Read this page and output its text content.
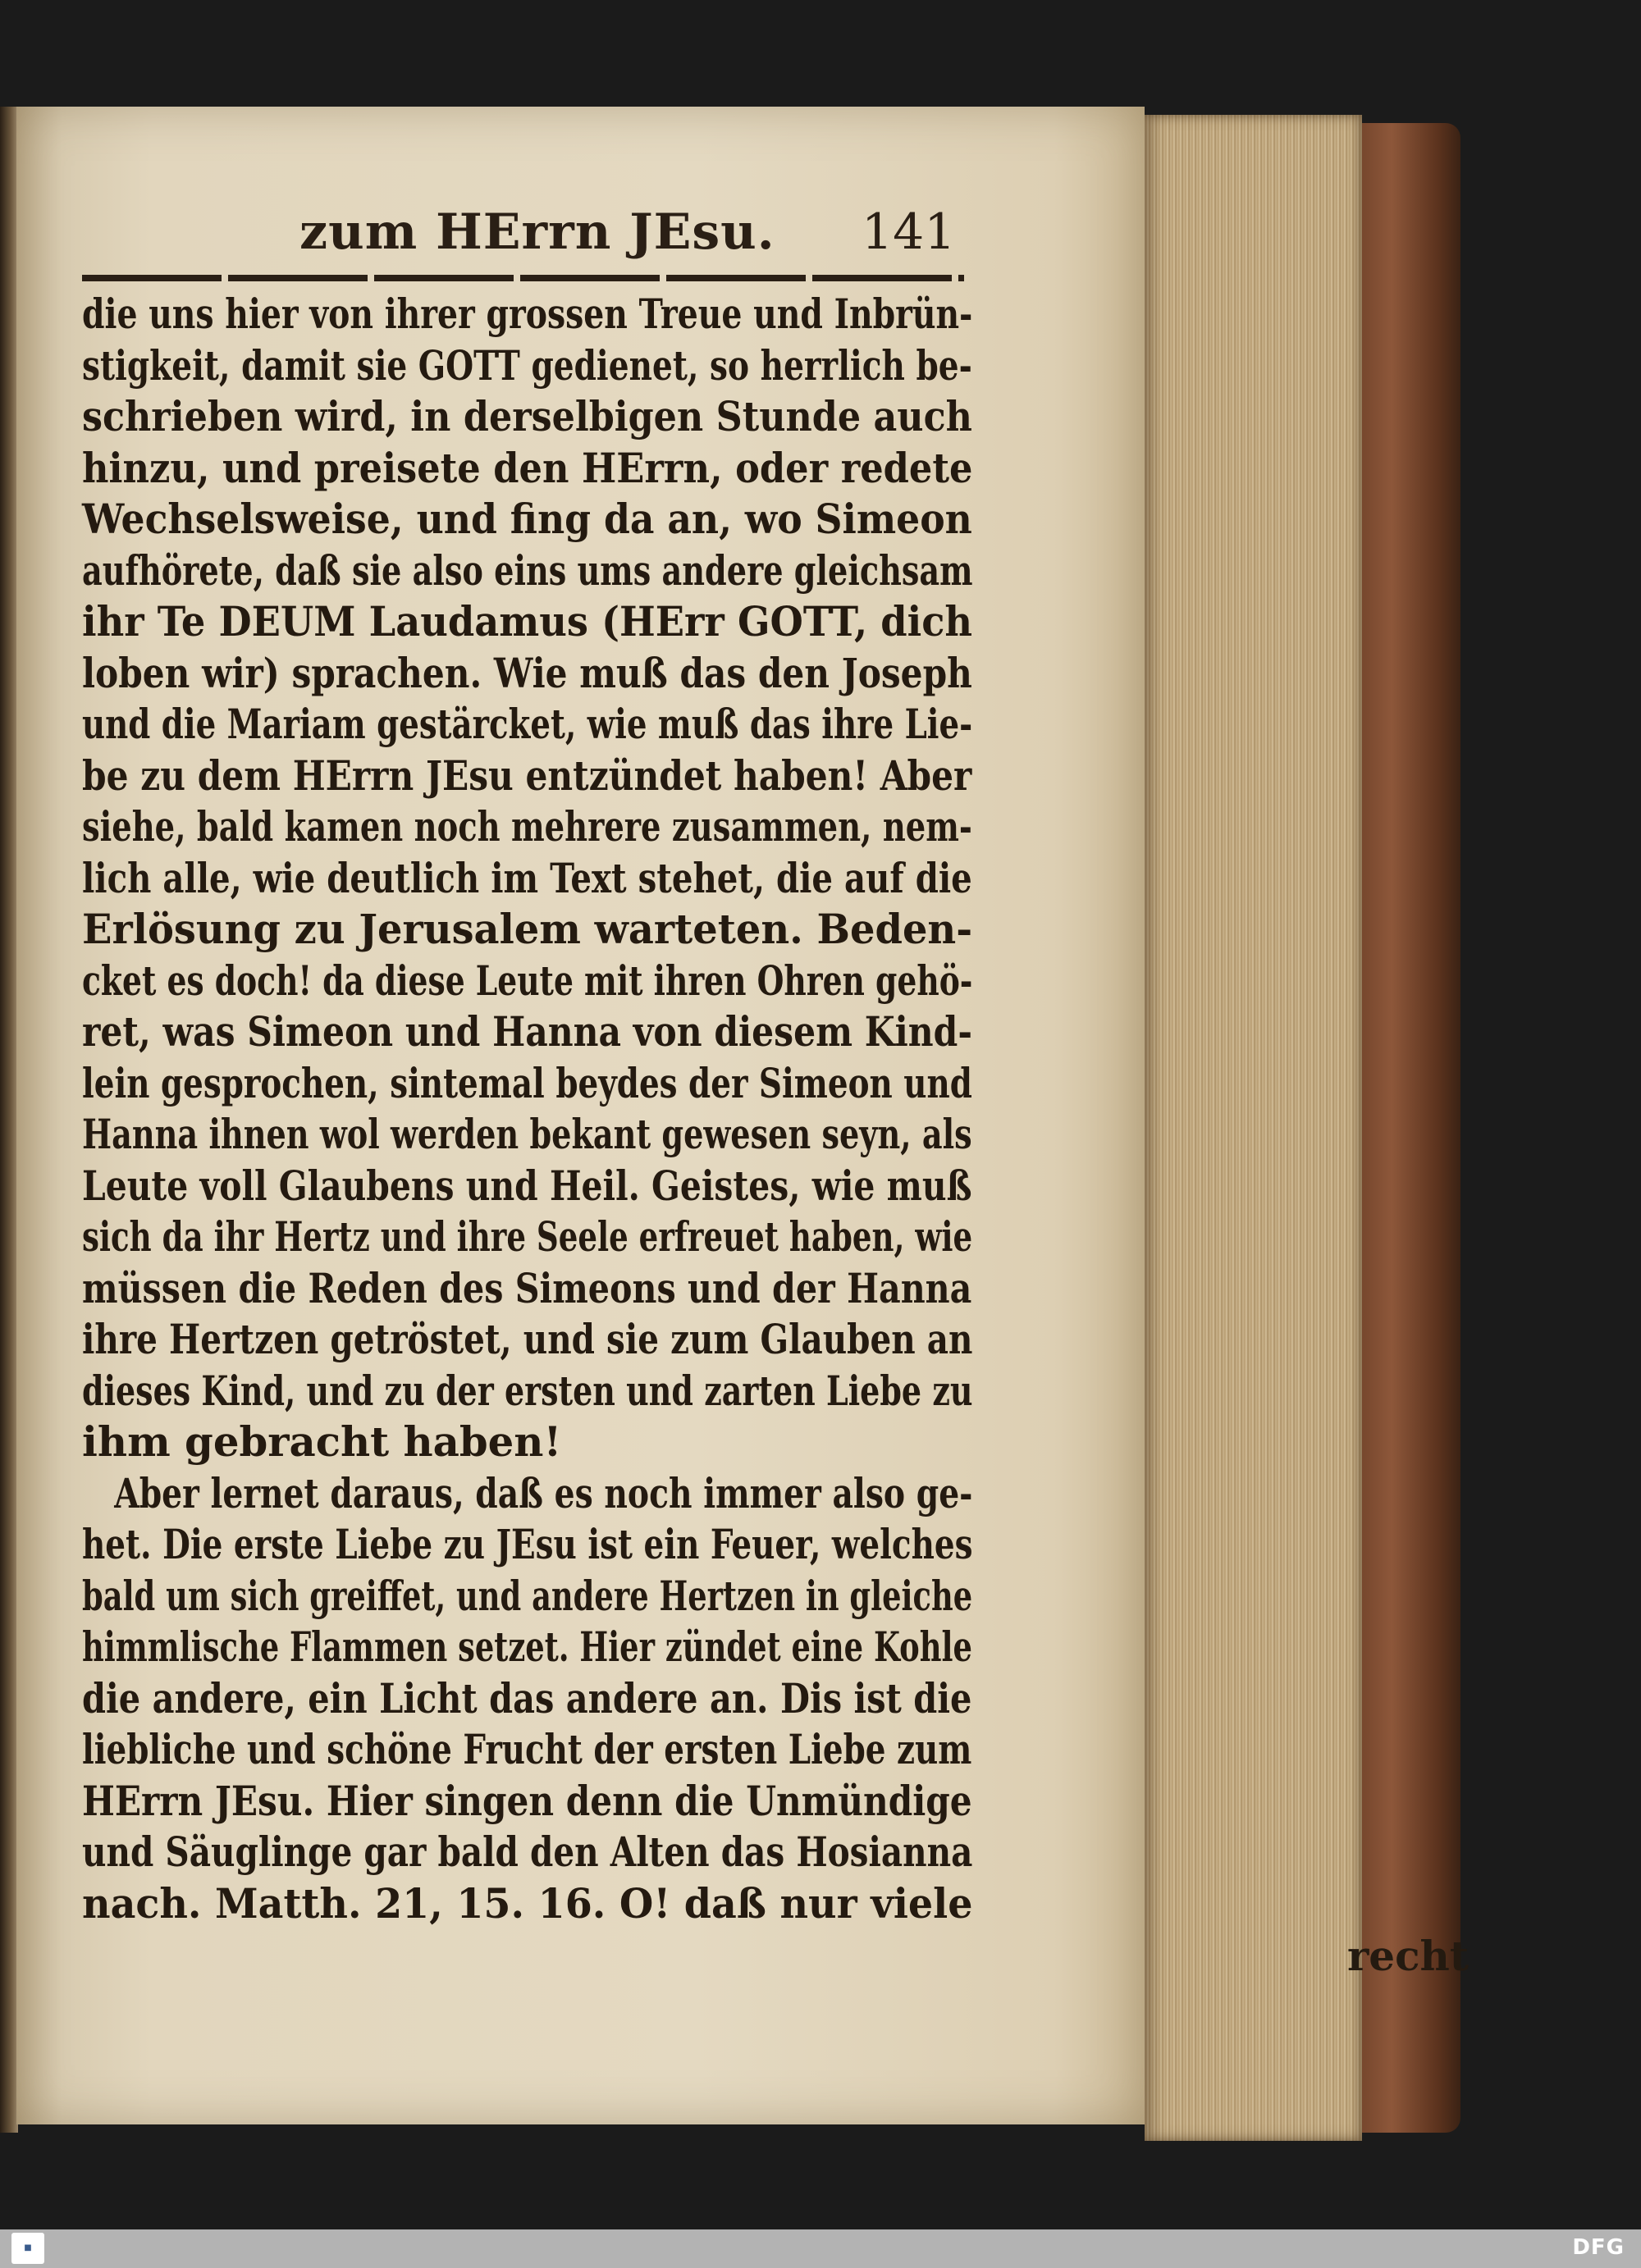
zum HErrn JEsu. 141
die uns hier von ihrer grossen Treue und Inbrün-
stigkeit, damit sie GOTT gedienet, so herrlich be-
schrieben wird, in derselbigen Stunde auch
hinzu, und preisete den HErrn, oder redete
Wechselsweise, und fing da an, wo Simeon
aufhörete, daß sie also eins ums andere gleichsam
ihr Te DEUM Laudamus (HErr GOTT, dich
loben wir) sprachen. Wie muß das den Joseph
und die Mariam gestärcket, wie muß das ihre Lie-
be zu dem HErrn JEsu entzündet haben! Aber
siehe, bald kamen noch mehrere zusammen, nem-
lich alle, wie deutlich im Text stehet, die auf die
Erlösung zu Jerusalem warteten. Beden-
cket es doch! da diese Leute mit ihren Ohren gehö-
ret, was Simeon und Hanna von diesem Kind-
lein gesprochen, sintemal beydes der Simeon und
Hanna ihnen wol werden bekant gewesen seyn, als
Leute voll Glaubens und Heil. Geistes, wie muß
sich da ihr Hertz und ihre Seele erfreuet haben, wie
müssen die Reden des Simeons und der Hanna
ihre Hertzen getröstet, und sie zum Glauben an
dieses Kind, und zu der ersten und zarten Liebe zu
ihm gebracht haben!
Aber lernet daraus, daß es noch immer also ge-
het. Die erste Liebe zu JEsu ist ein Feuer, welches
bald um sich greiffet, und andere Hertzen in gleiche
himmlische Flammen setzet. Hier zündet eine Kohle
die andere, ein Licht das andere an. Dis ist die
liebliche und schöne Frucht der ersten Liebe zum
HErrn JEsu. Hier singen denn die Unmündige
und Säuglinge gar bald den Alten das Hosianna
nach. Matth. 21, 15. 16. O! daß nur viele
recht
■	DFG
